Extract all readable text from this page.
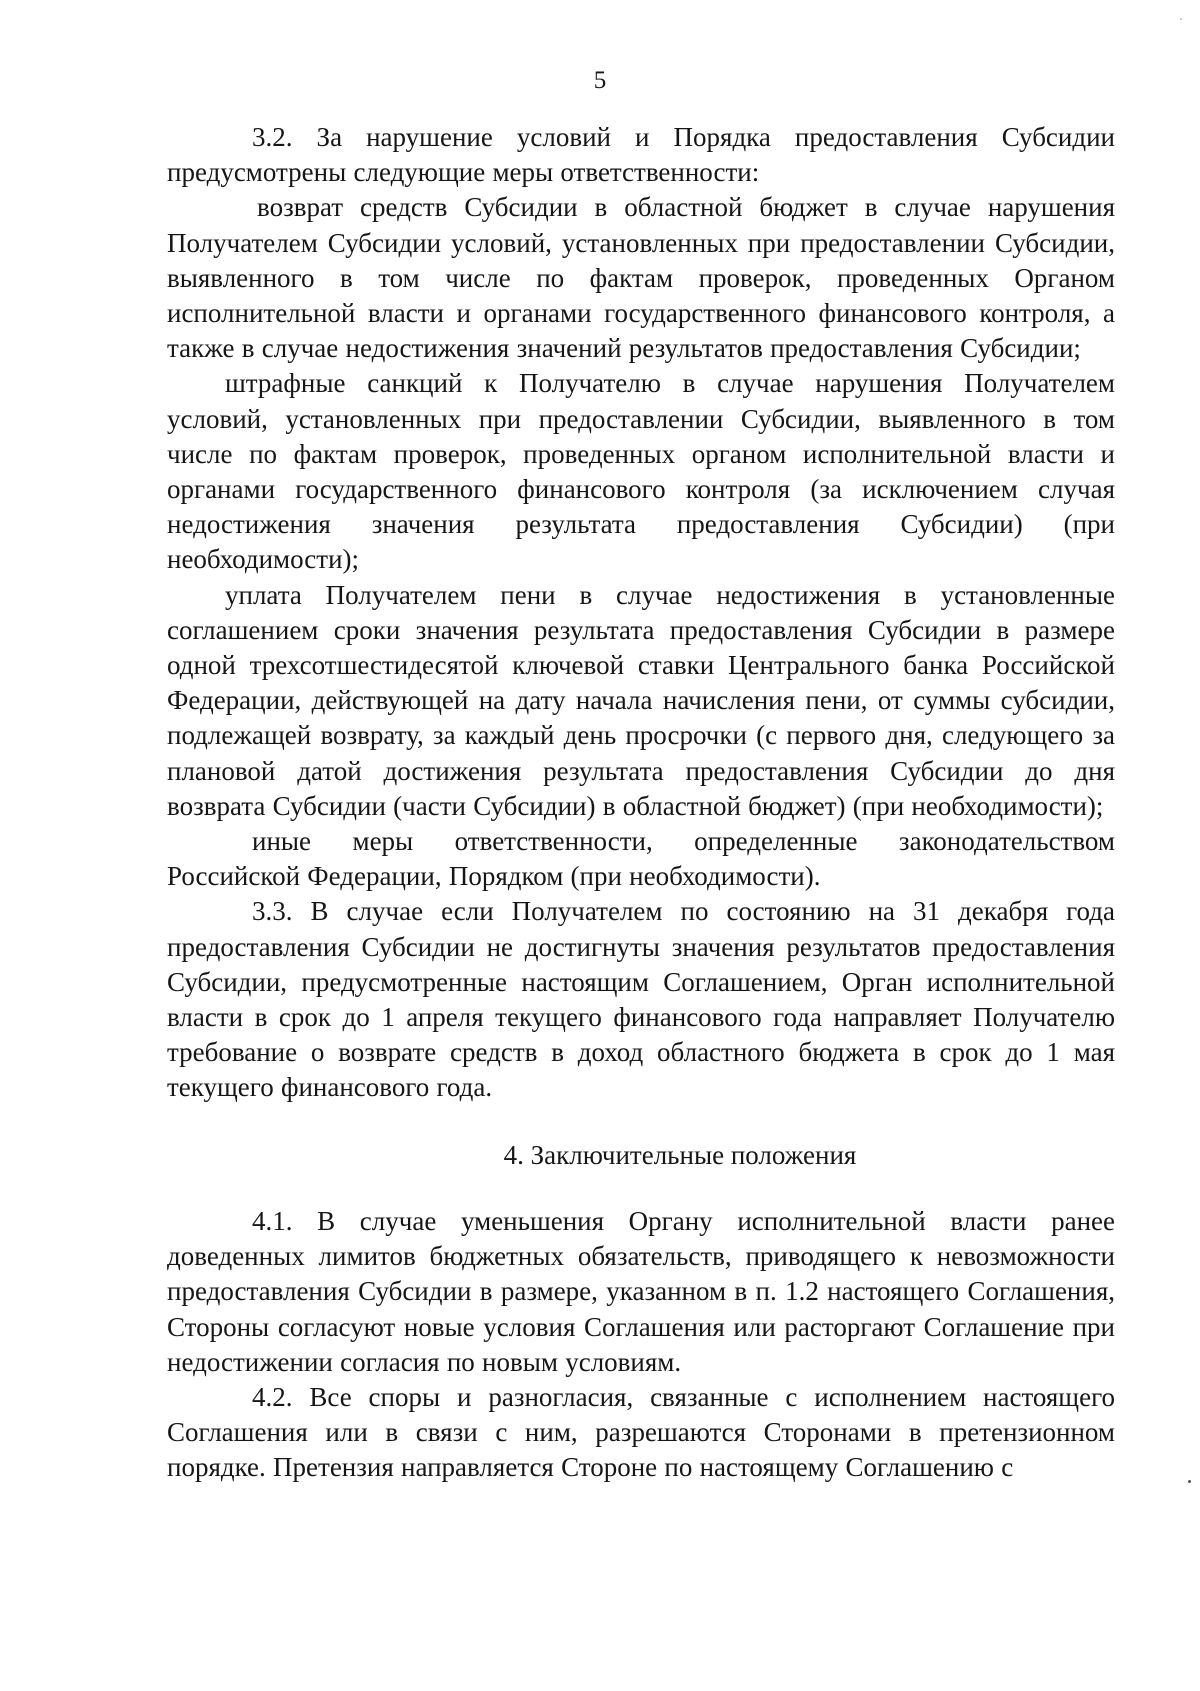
5

3.2. За нарушение условий и Порядка предоставления Субсидии предусмотрены следующие меры ответственности:

возврат средств Субсидии в областной бюджет в случае нарушения Получателем Субсидии условий, установленных при предоставлении Субсидии, выявленного в том числе по фактам проверок, проведенных Органом исполнительной власти и органами государственного финансового контроля, а также в случае недостижения значений результатов предоставления Субсидии;

штрафные санкций к Получателю в случае нарушения Получателем условий, установленных при предоставлении Субсидии, выявленного в том числе по фактам проверок, проведенных органом исполнительной власти и органами государственного финансового контроля (за исключением случая недостижения значения результата предоставления Субсидии) (при необходимости);

уплата Получателем пени в случае недостижения в установленные соглашением сроки значения результата предоставления Субсидии в размере одной трехсотшестидесятой ключевой ставки Центрального банка Российской Федерации, действующей на дату начала начисления пени, от суммы субсидии, подлежащей возврату, за каждый день просрочки (с первого дня, следующего за плановой датой достижения результата предоставления Субсидии до дня возврата Субсидии (части Субсидии) в областной бюджет) (при необходимости);

иные меры ответственности, определенные законодательством Российской Федерации, Порядком (при необходимости).

3.3. В случае если Получателем по состоянию на 31 декабря года предоставления Субсидии не достигнуты значения результатов предоставления Субсидии, предусмотренные настоящим Соглашением, Орган исполнительной власти в срок до 1 апреля текущего финансового года направляет Получателю требование о возврате средств в доход областного бюджета в срок до 1 мая текущего финансового года.

4. Заключительные положения

4.1. В случае уменьшения Органу исполнительной власти ранее доведенных лимитов бюджетных обязательств, приводящего к невозможности предоставления Субсидии в размере, указанном в п. 1.2 настоящего Соглашения, Стороны согласуют новые условия Соглашения или расторгают Соглашение при недостижении согласия по новым условиям.

4.2. Все споры и разногласия, связанные с исполнением настоящего Соглашения или в связи с ним, разрешаются Сторонами в претензионном порядке. Претензия направляется Стороне по настоящему Соглашению с
